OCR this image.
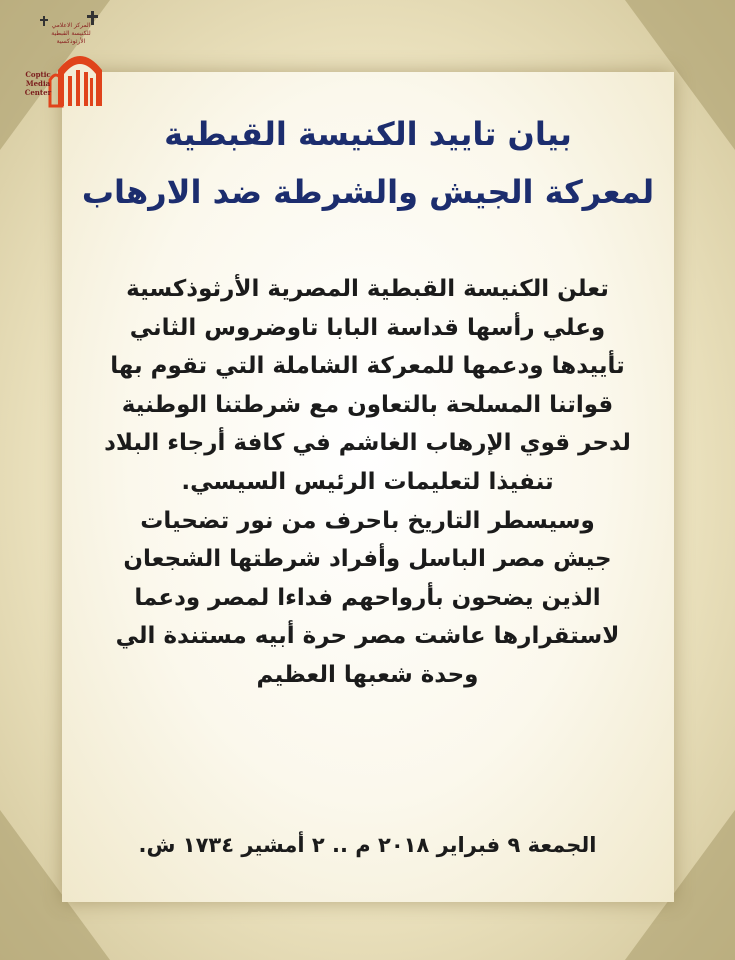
المركز الاعلامي
للكنيسة القبطية الأرثوذكسية
Coptic
Media
Center
بيان تاييد الكنيسة القبطية
لمعركة الجيش والشرطة ضد الارهاب
تعلن الكنيسة القبطية المصرية الأرثوذكسية
وعلي رأسها قداسة البابا تاوضروس الثاني
تأييدها ودعمها للمعركة الشاملة التي تقوم بها
قواتنا المسلحة بالتعاون مع شرطتنا الوطنية
لدحر قوي الإرهاب الغاشم في كافة أرجاء البلاد
تنفيذا لتعليمات الرئيس السيسي.
وسيسطر التاريخ باحرف من نور تضحيات
جيش مصر الباسل وأفراد شرطتها الشجعان
الذين يضحون بأرواحهم فداءا لمصر ودعما
لاستقرارها عاشت مصر حرة أبيه مستندة الي
وحدة شعبها العظيم
الجمعة ٩ فبراير ٢٠١٨ م .. ٢ أمشير ١٧٣٤ ش.
